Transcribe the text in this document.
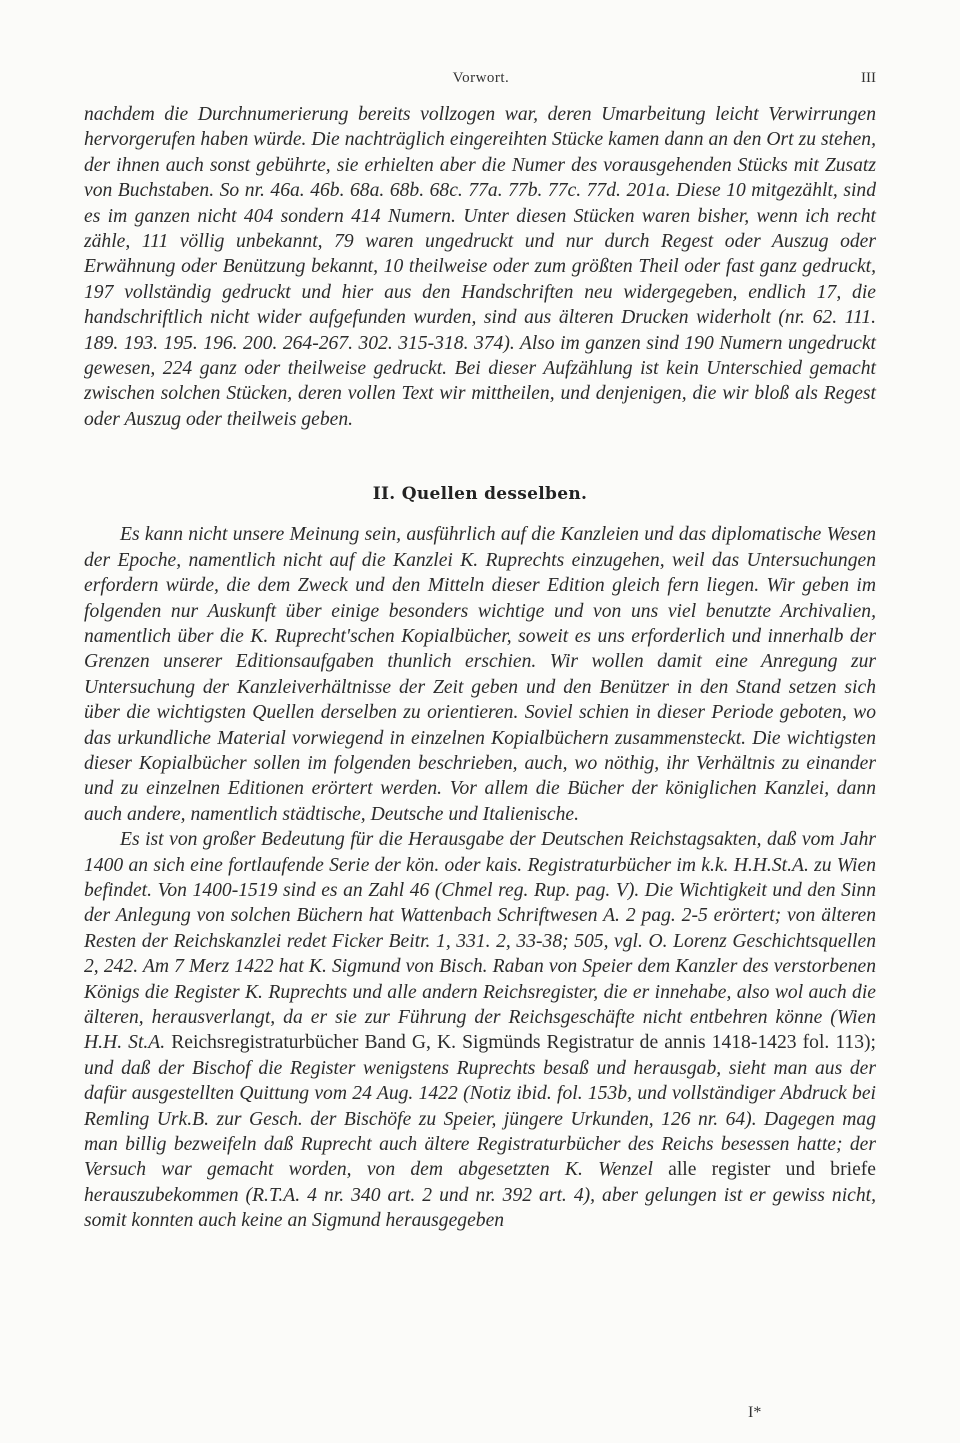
Vorwort.	III

nachdem die Durchnumerierung bereits vollzogen war, deren Umarbeitung leicht Verwirrungen hervorgerufen haben würde. Die nachträglich eingereihten Stücke kamen dann an den Ort zu stehen, der ihnen auch sonst gebührte, sie erhielten aber die Numer des vorausgehenden Stücks mit Zusatz von Buchstaben. So nr. 46a. 46b. 68a. 68b. 68c. 77a. 77b. 77c. 77d. 201a. Diese 10 mitgezählt, sind es im ganzen nicht 404 sondern 414 Numern. Unter diesen Stücken waren bisher, wenn ich recht zähle, 111 völlig unbekannt, 79 waren ungedruckt und nur durch Regest oder Auszug oder Erwähnung oder Benützung bekannt, 10 theilweise oder zum größten Theil oder fast ganz gedruckt, 197 vollständig gedruckt und hier aus den Handschriften neu widergegeben, endlich 17, die handschriftlich nicht wider aufgefunden wurden, sind aus älteren Drucken widerholt (nr. 62. 111. 189. 193. 195. 196. 200. 264-267. 302. 315-318. 374). Also im ganzen sind 190 Numern ungedruckt gewesen, 224 ganz oder theilweise gedruckt. Bei dieser Aufzählung ist kein Unterschied gemacht zwischen solchen Stücken, deren vollen Text wir mittheilen, und denjenigen, die wir bloß als Regest oder Auszug oder theilweis geben.

II. Quellen desselben.

Es kann nicht unsere Meinung sein, ausführlich auf die Kanzleien und das diplomatische Wesen der Epoche, namentlich nicht auf die Kanzlei K. Ruprechts einzugehen, weil das Untersuchungen erfordern würde, die dem Zweck und den Mitteln dieser Edition gleich fern liegen. Wir geben im folgenden nur Auskunft über einige besonders wichtige und von uns viel benutzte Archivalien, namentlich über die K. Ruprecht'schen Kopialbücher, soweit es uns erforderlich und innerhalb der Grenzen unserer Editionsaufgaben thunlich erschien. Wir wollen damit eine Anregung zur Untersuchung der Kanzleiverhältnisse der Zeit geben und den Benützer in den Stand setzen sich über die wichtigsten Quellen derselben zu orientieren. Soviel schien in dieser Periode geboten, wo das urkundliche Material vorwiegend in einzelnen Kopialbüchern zusammensteckt. Die wichtigsten dieser Kopialbücher sollen im folgenden beschrieben, auch, wo nöthig, ihr Verhältnis zu einander und zu einzelnen Editionen erörtert werden. Vor allem die Bücher der königlichen Kanzlei, dann auch andere, namentlich städtische, Deutsche und Italienische.

Es ist von großer Bedeutung für die Herausgabe der Deutschen Reichstagsakten, daß vom Jahr 1400 an sich eine fortlaufende Serie der kön. oder kais. Registraturbücher im k.k. H.H.St.A. zu Wien befindet. Von 1400-1519 sind es an Zahl 46 (Chmel reg. Rup. pag. V). Die Wichtigkeit und den Sinn der Anlegung von solchen Büchern hat Wattenbach Schriftwesen A. 2 pag. 2-5 erörtert; von älteren Resten der Reichskanzlei redet Ficker Beitr. 1, 331. 2, 33-38; 505, vgl. O. Lorenz Geschichtsquellen 2, 242. Am 7 Merz 1422 hat K. Sigmund von Bisch. Raban von Speier dem Kanzler des verstorbenen Königs die Register K. Ruprechts und alle andern Reichsregister, die er innehabe, also wol auch die älteren, herausverlangt, da er sie zur Führung der Reichsgeschäfte nicht entbehren könne (Wien H.H. St.A. Reichsregistraturbücher Band G, K. Sigmünds Registratur de annis 1418-1423 fol. 113); und daß der Bischof die Register wenigstens Ruprechts besaß und herausgab, sieht man aus der dafür ausgestellten Quittung vom 24 Aug. 1422 (Notiz ibid. fol. 153b, und vollständiger Abdruck bei Remling Urk.B. zur Gesch. der Bischöfe zu Speier, jüngere Urkunden, 126 nr. 64). Dagegen mag man billig bezweifeln daß Ruprecht auch ältere Registraturbücher des Reichs besessen hatte; der Versuch war gemacht worden, von dem abgesetzten K. Wenzel alle register und briefe herauszubekommen (R.T.A. 4 nr. 340 art. 2 und nr. 392 art. 4), aber gelungen ist er gewiss nicht, somit konnten auch keine an Sigmund herausgegeben

I*
